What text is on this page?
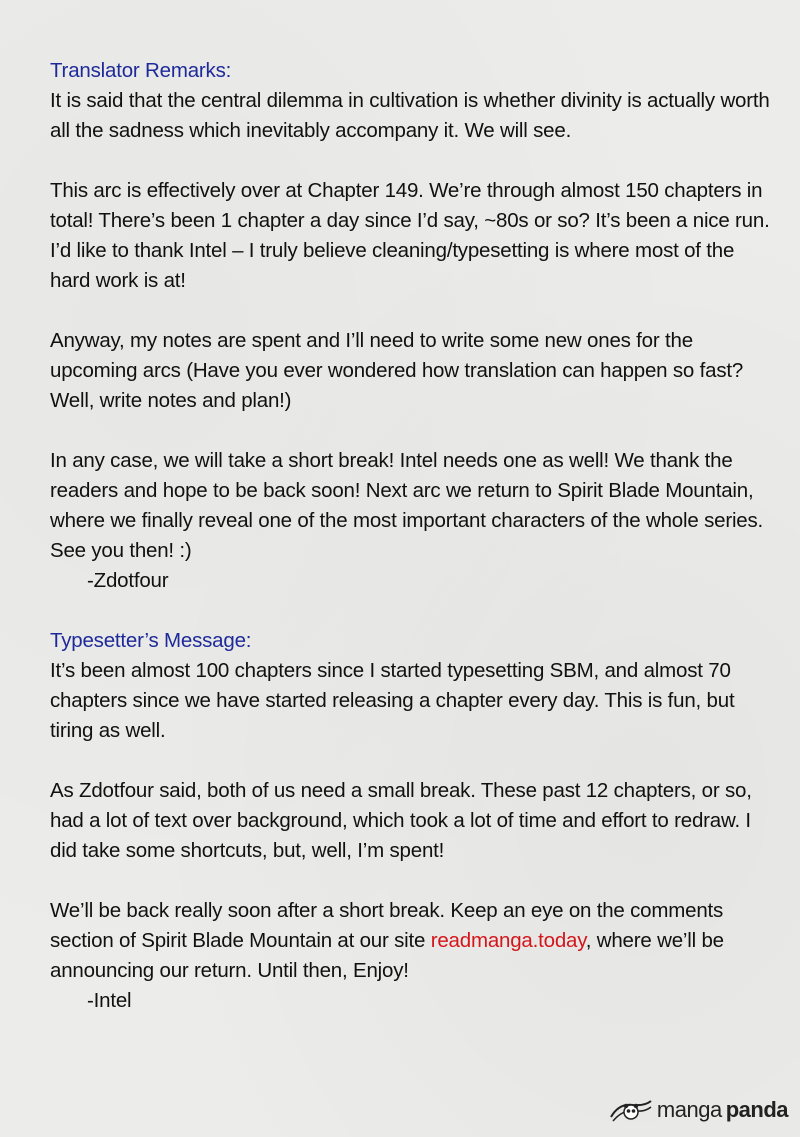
Translator Remarks:

It is said that the central dilemma in cultivation is whether divinity is actually worth all the sadness which inevitably accompany it. We will see.

This arc is effectively over at Chapter 149. We’re through almost 150 chapters in total! There’s been 1 chapter a day since I’d say, ~80s or so? It’s been a nice run. I’d like to thank Intel – I truly believe cleaning/typesetting is where most of the hard work is at!

Anyway, my notes are spent and I’ll need to write some new ones for the upcoming arcs (Have you ever wondered how translation can happen so fast? Well, write notes and plan!)

In any case, we will take a short break! Intel needs one as well! We thank the readers and hope to be back soon! Next arc we return to Spirit Blade Mountain, where we finally reveal one of the most important characters of the whole series. See you then! :)

-Zdotfour

Typesetter’s Message:

It’s been almost 100 chapters since I started typesetting SBM, and almost 70 chapters since we have started releasing a chapter every day. This is fun, but tiring as well.

As Zdotfour said, both of us need a small break. These past 12 chapters, or so, had a lot of text over background, which took a lot of time and effort to redraw. I did take some shortcuts, but, well, I’m spent!

We’ll be back really soon after a short break. Keep an eye on the comments section of Spirit Blade Mountain at our site readmanga.today, where we’ll be announcing our return. Until then, Enjoy!

-Intel

manga panda
